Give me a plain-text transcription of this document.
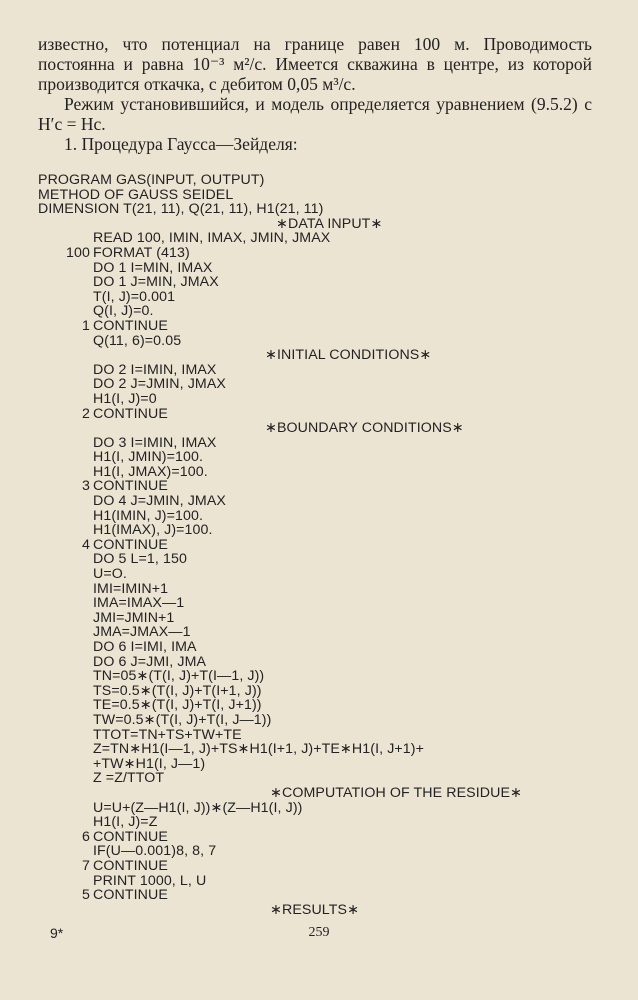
известно, что потенциал на границе равен 100 м. Проводимость постоянна и равна 10⁻³ м²/с. Имеется скважина в центре, из которой производится откачка, с дебитом 0,05 м³/с.

Режим установившийся, и модель определяется уравнением (9.5.2) с H′c = Hc.

1. Процедура Гаусса—Зейделя:

PROGRAM GAS(INPUT, OUTPUT)
METHOD OF GAUSS SEIDEL
DIMENSION T(21, 11), Q(21, 11), H1(21, 11)
∗DATA INPUT∗
READ 100, IMIN, IMAX, JMIN, JMAX
100 FORMAT (413)
DO 1 I=MIN, IMAX
DO 1 J=MIN, JMAX
T(I, J)=0.001
Q(I, J)=0.
1 CONTINUE
Q(11, 6)=0.05
∗INITIAL CONDITIONS∗
DO 2 I=IMIN, IMAX
DO 2 J=JMIN, JMAX
H1(I, J)=0
2 CONTINUE
∗BOUNDARY CONDITIONS∗
DO 3 I=IMIN, IMAX
H1(I, JMIN)=100.
H1(I, JMAX)=100.
3 CONTINUE
DO 4 J=JMIN, JMAX
H1(IMIN, J)=100.
H1(IMAX), J)=100.
4 CONTINUE
DO 5 L=1, 150
U=O.
IMI=IMIN+1
IMA=IMAX—1
JMI=JMIN+1
JMA=JMAX—1
DO 6 I=IMI, IMA
DO 6 J=JMI, JMA
TN=05∗(T(I, J)+T(I—1, J))
TS=0.5∗(T(I, J)+T(I+1, J))
TE=0.5∗(T(I, J)+T(I, J+1))
TW=0.5∗(T(I, J)+T(I, J—1))
TTOT=TN+TS+TW+TE
Z=TN∗H1(I—1, J)+TS∗H1(I+1, J)+TE∗H1(I, J+1)+
+TW∗H1(I, J—1)
Z =Z/TTOT
∗COMPUTATIOH OF THE RESIDUE∗
U=U+(Z—H1(I, J))∗(Z—H1(I, J))
H1(I, J)=Z
6 CONTINUE
IF(U—0.001)8, 8, 7
7 CONTINUE
PRINT 1000, L, U
5 CONTINUE
∗RESULTS∗
9*	259
